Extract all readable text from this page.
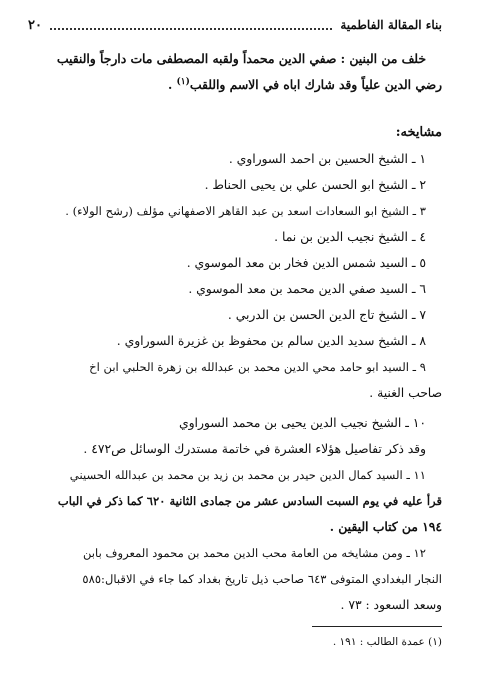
بناء المقالة الفاطمية
٢٠

خلف من البنين : صفي الدين محمداً ولقبه المصطفى مات دارجاً والنقيب

رضي الدين علياً وقد شارك اباه في الاسم واللقب$^{(١)}$ .

مشايخه:

١ ـ الشيخ الحسين بن احمد السوراوي .

٢ ـ الشيخ ابو الحسن علي بن يحيى الحناط .

٣ ـ الشيخ ابو السعادات اسعد بن عبد القاهر الاصفهاني مؤلف (رشح الولاء) .

٤ ـ الشيخ نجيب الدين بن نما .

٥ ـ السيد شمس الدين فخار بن معد الموسوي .

٦ ـ السيد صفي الدين محمد بن معد الموسوي .

٧ ـ الشيخ تاج الدين الحسن بن الدربي .

٨ ـ الشيخ سديد الدين سالم بن محفوظ بن غزيرة السوراوي .

٩ ـ السيد ابو حامد محي الدين محمد بن عبدالله بن زهرة الحلبي ابن اخ

صاحب الغنية .

١٠ ـ الشيخ نجيب الدين يحيى بن محمد السوراوي

وقد ذكر تفاصيل هؤلاء العشرة في خاتمة مستدرك الوسائل ص٤٧٢ .

١١ ـ السيد كمال الدين حيدر بن محمد بن زيد بن محمد بن عبدالله الحسيني

قرأ عليه في يوم السبت السادس عشر من جمادى الثانية ٦٢٠ كما ذكر في الباب

١٩٤ من كتاب اليقين .

١٢ ـ ومن مشايخه من العامة محب الدين محمد بن محمود المعروف بابن

النجار البغدادي المتوفى ٦٤٣ صاحب ذيل تاريخ بغداد كما جاء في الاقبال:٥٨٥

وسعد السعود : ٧٣ .

(١) عمدة الطالب : ١٩١ .
